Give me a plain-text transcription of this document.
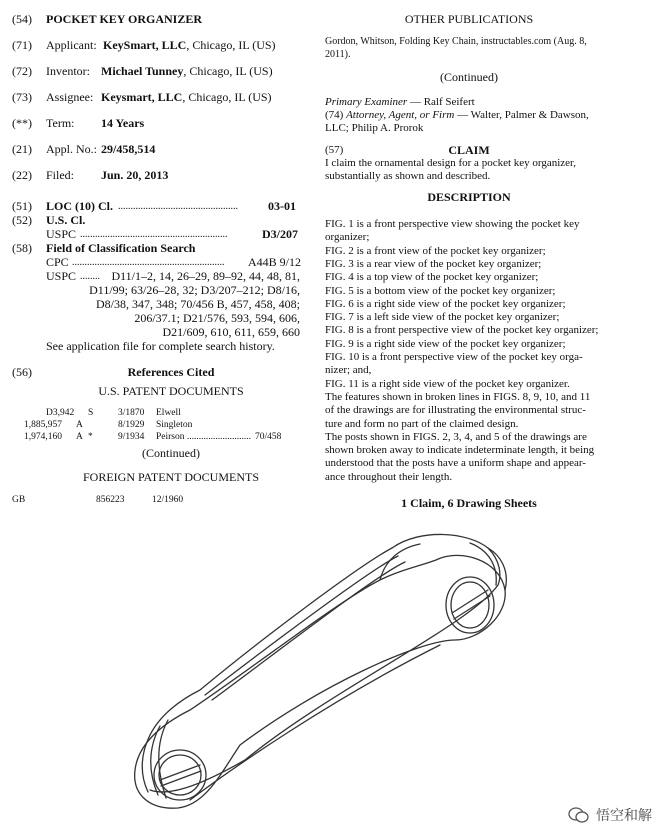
(54) POCKET KEY ORGANIZER
(71) Applicant: KeySmart, LLC, Chicago, IL (US)
(72) Inventor: Michael Tunney, Chicago, IL (US)
(73) Assignee: Keysmart, LLC, Chicago, IL (US)
(**) Term: 14 Years
(21) Appl. No.: 29/458,514
(22) Filed: Jun. 20, 2013
(51) LOC (10) Cl. ................................................	03-01
(52) U.S. Cl.
USPC ...........................................................	D3/207
(58) Field of Classification Search
CPC ............................................................. A44B 9/12
USPC ........ D11/1–2, 14, 26–29, 89–92, 44, 48, 81,
D11/99; 63/26–28, 32; D3/207–212; D8/16,
D8/38, 347, 348; 70/456 B, 457, 458, 408;
206/37.1; D21/576, 593, 594, 606,
D21/609, 610, 611, 659, 660
See application file for complete search history.
(56)	References Cited
U.S. PATENT DOCUMENTS
D3,942 S	3/1870 Elwell
1,885,957 A	8/1929 Singleton
1,974,160 A *	9/1934 Peirson ........................... 70/458
(Continued)
FOREIGN PATENT DOCUMENTS
GB	856223	12/1960
OTHER PUBLICATIONS
Gordon, Whitson, Folding Key Chain, instructables.com (Aug. 8,
2011).
(Continued)
Primary Examiner — Ralf Seifert
(74) Attorney, Agent, or Firm — Walter, Palmer & Dawson,
LLC; Philip A. Prorok
(57)	CLAIM
I claim the ornamental design for a pocket key organizer,
substantially as shown and described.
DESCRIPTION
FIG. 1 is a front perspective view showing the pocket key
organizer;
FIG. 2 is a front view of the pocket key organizer;
FIG. 3 is a rear view of the pocket key organizer;
FIG. 4 is a top view of the pocket key organizer;
FIG. 5 is a bottom view of the pocket key organizer;
FIG. 6 is a right side view of the pocket key organizer;
FIG. 7 is a left side view of the pocket key organizer;
FIG. 8 is a front perspective view of the pocket key organizer;
FIG. 9 is a right side view of the pocket key organizer;
FIG. 10 is a front perspective view of the pocket key orga-
nizer; and,
FIG. 11 is a right side view of the pocket key organizer.
The features shown in broken lines in FIGS. 8, 9, 10, and 11
of the drawings are for illustrating the environmental struc-
ture and form no part of the claimed design.
The posts shown in FIGS. 2, 3, 4, and 5 of the drawings are
shown broken away to indicate indeterminate length, it being
understood that the posts have a uniform shape and appear-
ance throughout their length.
1 Claim, 6 Drawing Sheets
悟空和解
